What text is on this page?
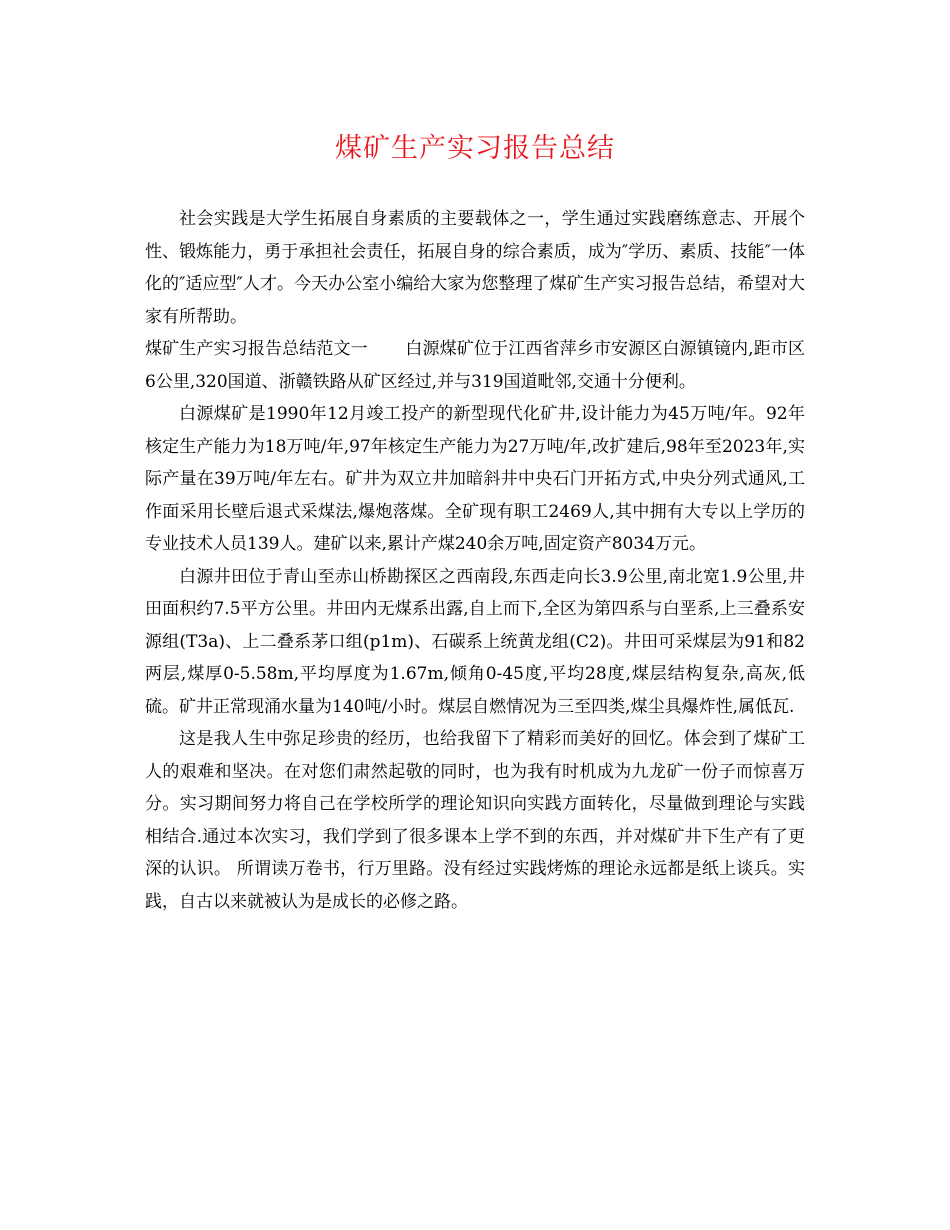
煤矿生产实习报告总结

社会实践是大学生拓展自身素质的主要载体之一，学生通过实践磨练意志、开展个性、锻炼能力，勇于承担社会责任，拓展自身的综合素质，成为″学历、素质、技能″一体化的″适应型″人才。今天办公室小编给大家为您整理了煤矿生产实习报告总结，希望对大家有所帮助。

煤矿生产实习报告总结范文一 白源煤矿位于江西省萍乡市安源区白源镇镜内,距市区6公里,320国道、浙赣铁路从矿区经过,并与319国道毗邻,交通十分便利。

白源煤矿是1990年12月竣工投产的新型现代化矿井,设计能力为45万吨/年。92年核定生产能力为18万吨/年,97年核定生产能力为27万吨/年,改扩建后,98年至2023年,实际产量在39万吨/年左右。矿井为双立井加暗斜井中央石门开拓方式,中央分列式通风,工作面采用长壁后退式采煤法,爆炮落煤。全矿现有职工2469人,其中拥有大专以上学历的专业技术人员139人。建矿以来,累计产煤240余万吨,固定资产8034万元。

白源井田位于青山至赤山桥勘探区之西南段,东西走向长3.9公里,南北宽1.9公里,井田面积约7.5平方公里。井田内无煤系出露,自上而下,全区为第四系与白垩系,上三叠系安源组(T3a)、上二叠系茅口组(p1m)、石碳系上统黄龙组(C2)。井田可采煤层为91和82两层,煤厚0-5.58m,平均厚度为1.67m,倾角0-45度,平均28度,煤层结构复杂,高灰,低硫。矿井正常现涌水量为140吨/小时。煤层自燃情况为三至四类,煤尘具爆炸性,属低瓦.

这是我人生中弥足珍贵的经历，也给我留下了精彩而美好的回忆。体会到了煤矿工人的艰难和坚决。在对您们肃然起敬的同时，也为我有时机成为九龙矿一份子而惊喜万分。实习期间努力将自己在学校所学的理论知识向实践方面转化，尽量做到理论与实践相结合.通过本次实习，我们学到了很多课本上学不到的东西，并对煤矿井下生产有了更深的认识。 所谓读万卷书，行万里路。没有经过实践烤炼的理论永远都是纸上谈兵。实践，自古以来就被认为是成长的必修之路。
